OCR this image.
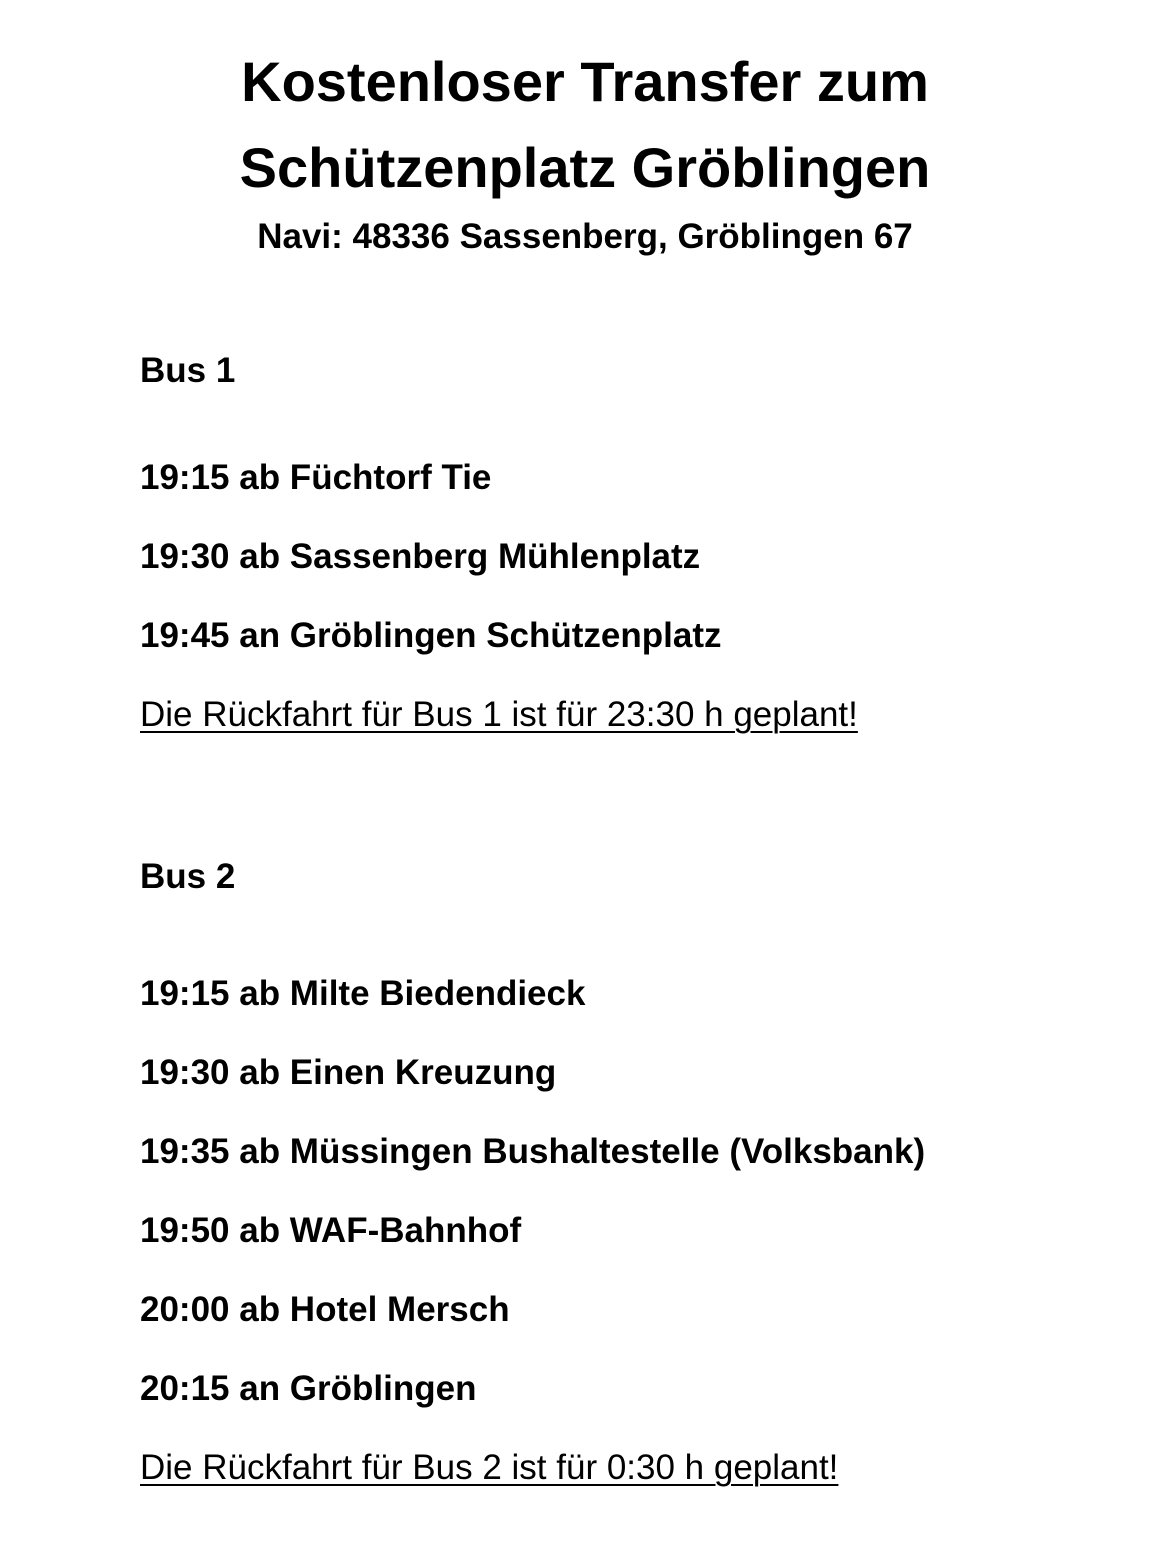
Kostenloser Transfer zum
Schützenplatz Gröblingen
Navi: 48336 Sassenberg, Gröblingen 67
Bus 1
19:15 ab Füchtorf Tie
19:30 ab Sassenberg Mühlenplatz
19:45 an Gröblingen Schützenplatz
Die Rückfahrt für Bus 1 ist für 23:30 h geplant!
Bus 2
19:15 ab Milte Biedendieck
19:30 ab Einen Kreuzung
19:35 ab Müssingen Bushaltestelle (Volksbank)
19:50 ab WAF-Bahnhof
20:00 ab Hotel Mersch
20:15 an Gröblingen
Die Rückfahrt für Bus 2 ist für 0:30 h geplant!
